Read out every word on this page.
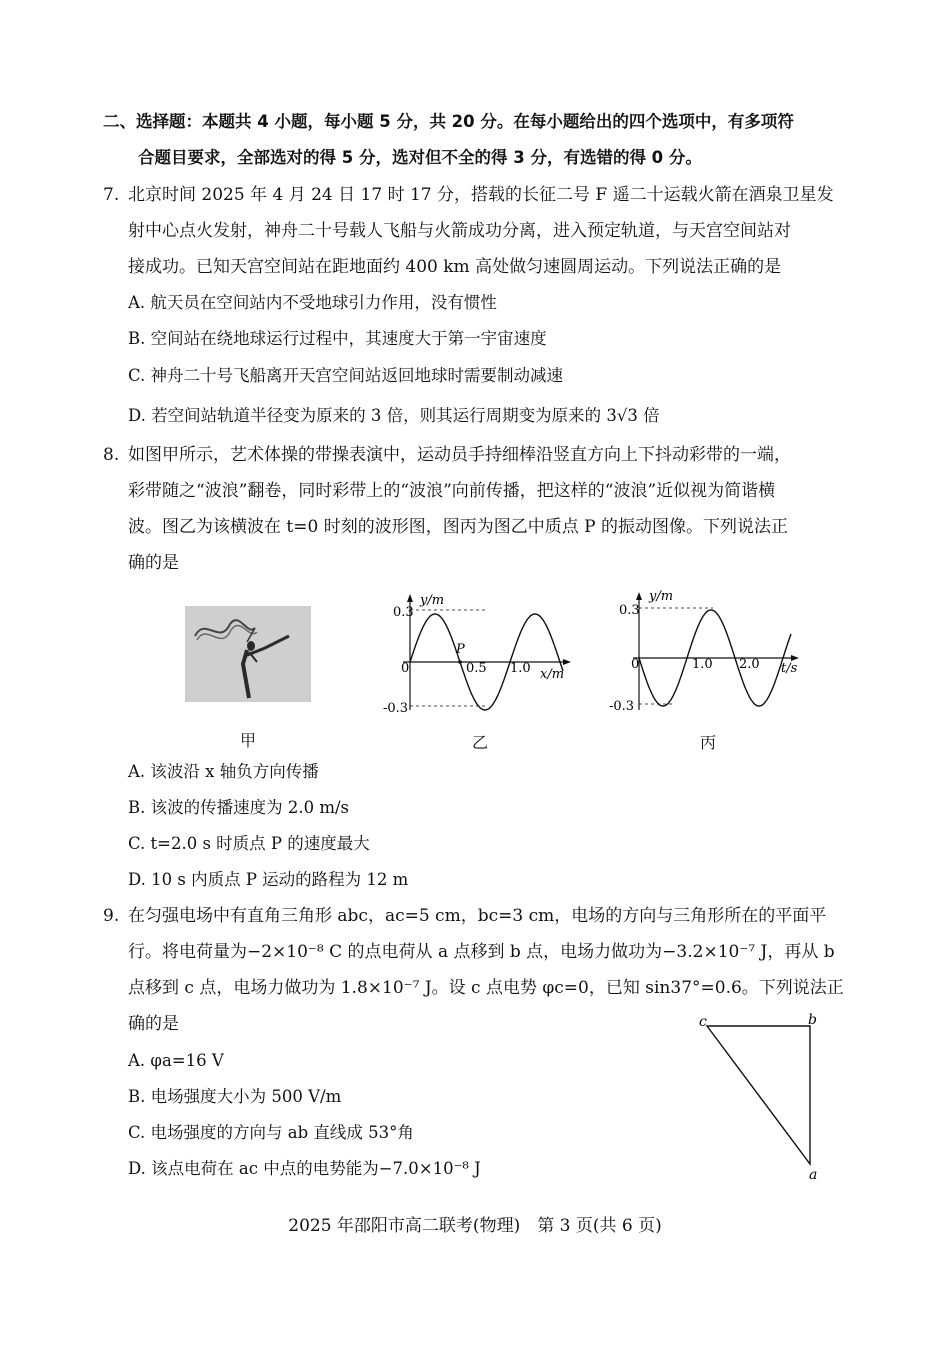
二、选择题：本题共 4 小题，每小题 5 分，共 20 分。在每小题给出的四个选项中，有多项符
合题目要求，全部选对的得 5 分，选对但不全的得 3 分，有选错的得 0 分。
7. 北京时间 2025 年 4 月 24 日 17 时 17 分，搭载的长征二号 F 遥二十运载火箭在酒泉卫星发
射中心点火发射，神舟二十号载人飞船与火箭成功分离，进入预定轨道，与天宫空间站对
接成功。已知天宫空间站在距地面约 400 km 高处做匀速圆周运动。下列说法正确的是
A. 航天员在空间站内不受地球引力作用，没有惯性
B. 空间站在绕地球运行过程中，其速度大于第一宇宙速度
C. 神舟二十号飞船离开天宫空间站返回地球时需要制动减速
D. 若空间站轨道半径变为原来的 3 倍，则其运行周期变为原来的 3√3 倍
8. 如图甲所示，艺术体操的带操表演中，运动员手持细棒沿竖直方向上下抖动彩带的一端，
彩带随之“波浪”翻卷，同时彩带上的“波浪”向前传播，把这样的“波浪”近似视为简谐横
波。图乙为该横波在 t=0 时刻的波形图，图丙为图乙中质点 P 的振动图像。下列说法正
确的是
0.3
-0.3
0	0.5 1.0
P
y/m
x/m
0.3
-0.3
0	1.0 2.0
y/m
t/s
甲	乙	丙
A. 该波沿 x 轴负方向传播
B. 该波的传播速度为 2.0 m/s
C. t=2.0 s 时质点 P 的速度最大
D. 10 s 内质点 P 运动的路程为 12 m
9. 在匀强电场中有直角三角形 abc，ac=5 cm，bc=3 cm，电场的方向与三角形所在的平面平
行。将电荷量为−2×10⁻⁸ C 的点电荷从 a 点移到 b 点，电场力做功为−3.2×10⁻⁷ J，再从 b
点移到 c 点，电场力做功为 1.8×10⁻⁷ J。设 c 点电势 φc=0，已知 sin37°=0.6。下列说法正
确的是	c	b
a
A. φa=16 V
B. 电场强度大小为 500 V/m
C. 电场强度的方向与 ab 直线成 53°角
D. 该点电荷在 ac 中点的电势能为−7.0×10⁻⁸ J
2025 年邵阳市高二联考(物理)　第 3 页(共 6 页)
